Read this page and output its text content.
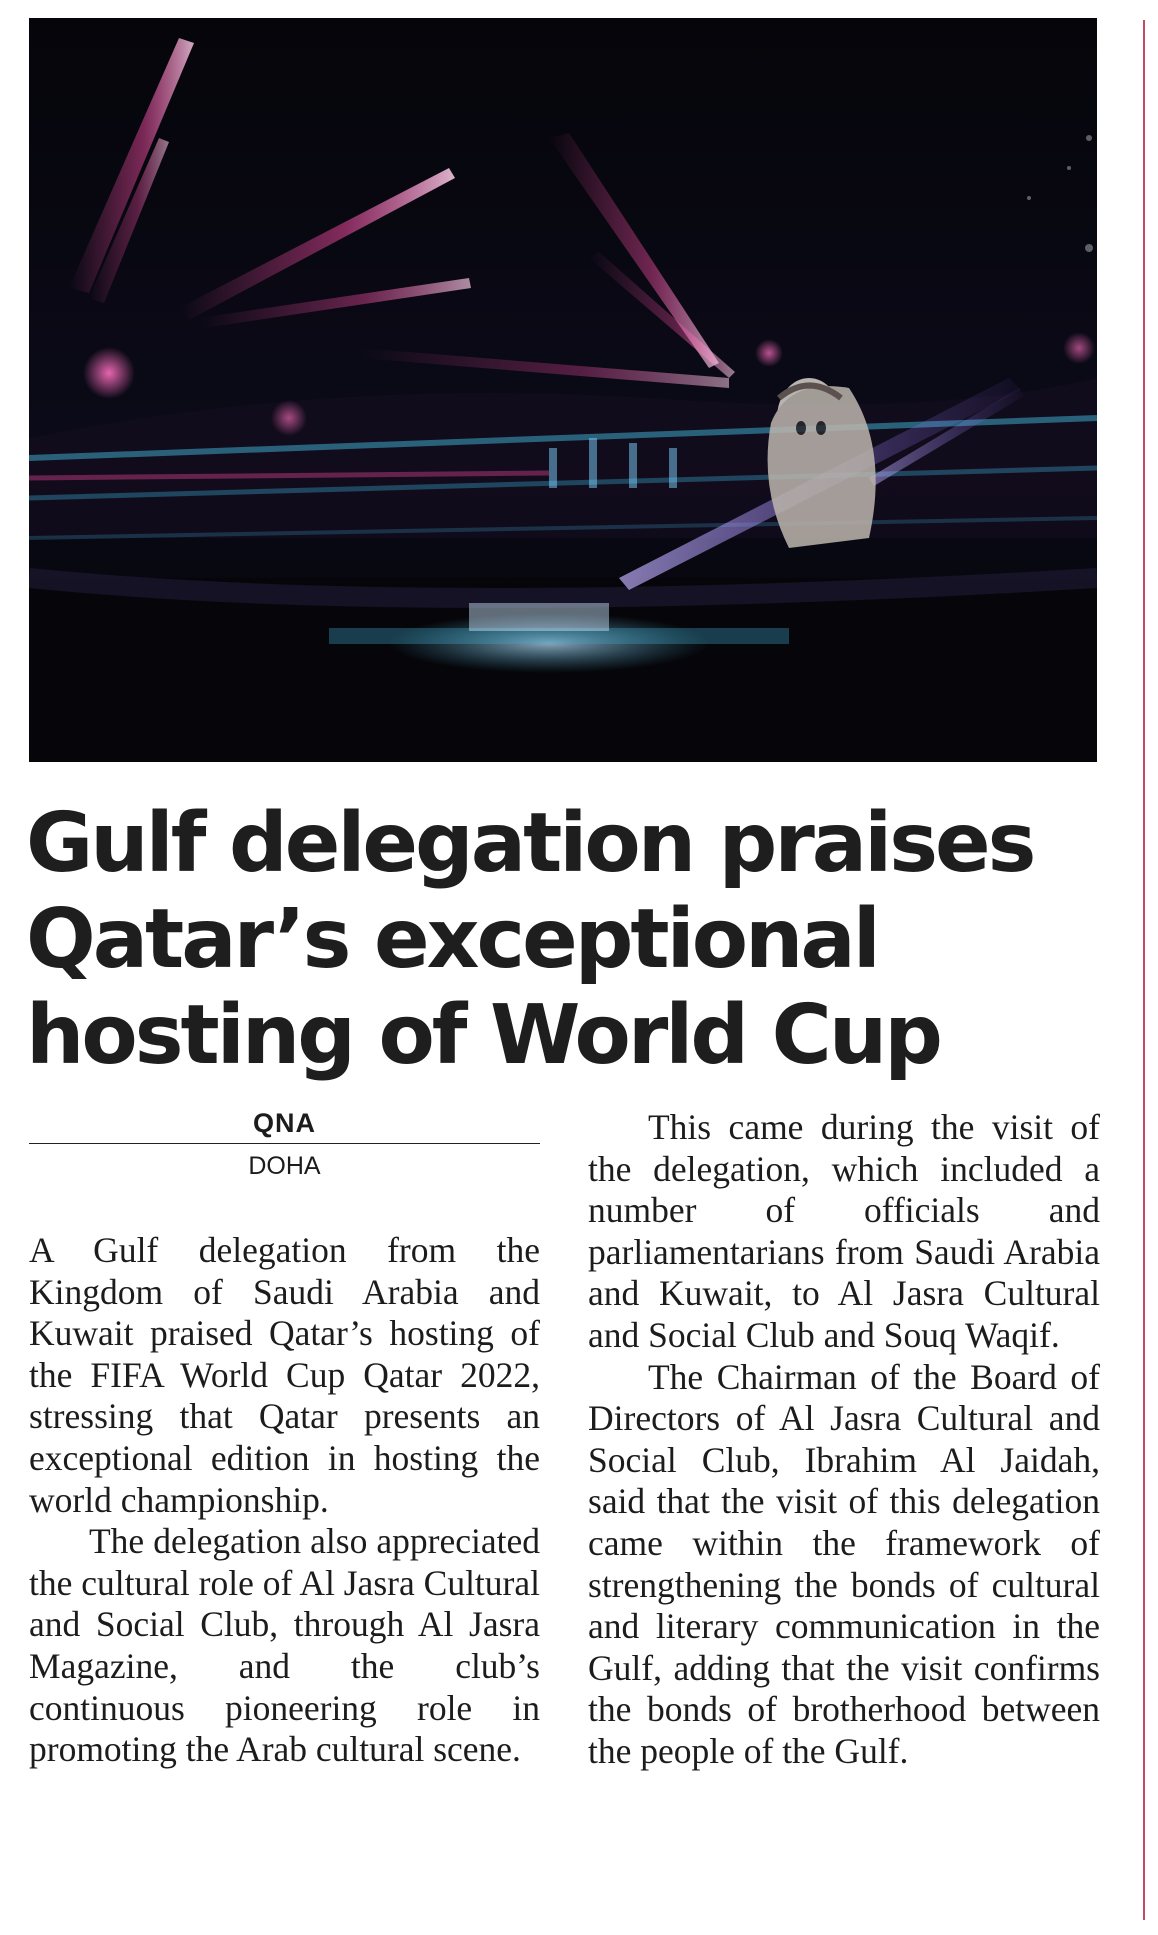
Gulf delegation praises
Qatar’s exceptional
hosting of World Cup
QNA
DOHA

A Gulf delegation from the Kingdom of Saudi Arabia and Kuwait praised Qatar’s hosting of the FIFA World Cup Qatar 2022, stressing that Qatar presents an exceptional edition in hosting the world championship.

The delegation also appreciated the cultural role of Al Jasra Cultural and Social Club, through Al Jasra Magazine, and the club’s continuous pioneering role in promoting the Arab cultural scene.

This came during the visit of the delegation, which included a number of officials and parliamentarians from Saudi Arabia and Kuwait, to Al Jasra Cultural and Social Club and Souq Waqif.

The Chairman of the Board of Directors of Al Jasra Cultural and Social Club, Ibrahim Al Jaidah, said that the visit of this delegation came within the framework of strengthening the bonds of cultural and literary communication in the Gulf, adding that the visit confirms the bonds of brotherhood between the people of the Gulf.
